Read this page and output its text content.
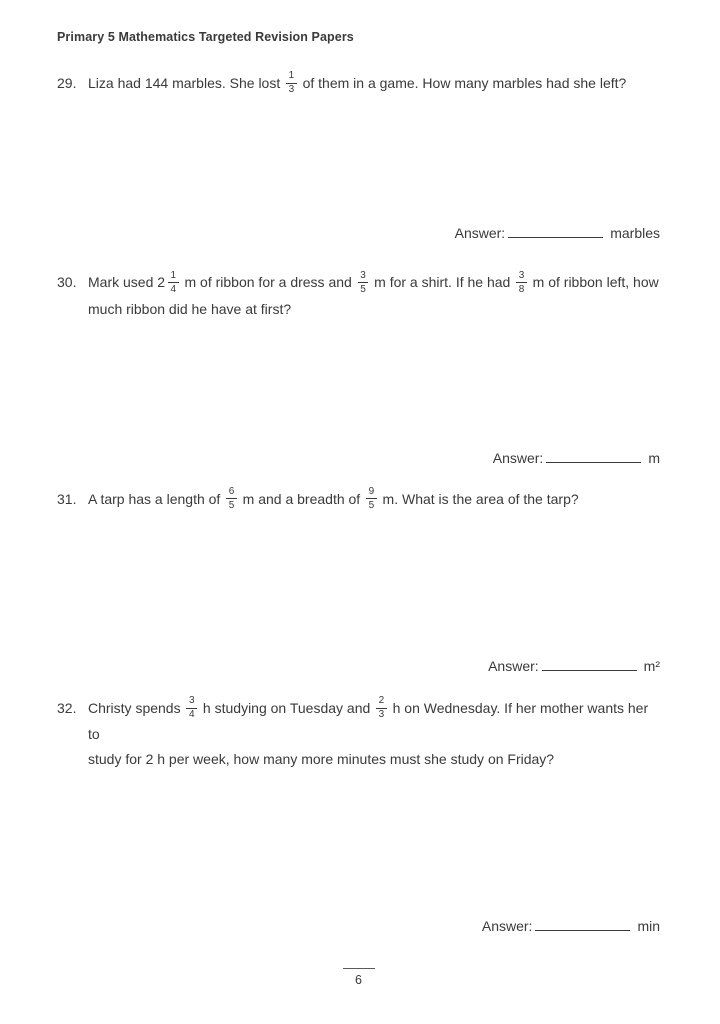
Primary 5 Mathematics Targeted Revision Papers
29. Liza had 144 marbles. She lost $\frac{1}{3}$ of them in a game. How many marbles had she left?
Answer:	marbles
30. Mark used $2 \frac{1}{4}$ m of ribbon for a dress and $\frac{3}{5}$ m for a shirt. If he had $\frac{3}{8}$ m of ribbon left, how
much ribbon did he have at first?
Answer:	m
31. A tarp has a length of $\frac{6}{5}$ m and a breadth of $\frac{9}{5} m$. What is the area of the tarp?
Answer:	m²
32. Christy spends $\frac{3}{4}$ h studying on Tuesday and $\frac{2}{3}$ h on Wednesday. If her mother wants her to
study for 2 h per week, how many more minutes must she study on Friday?
Answer:	min
6
